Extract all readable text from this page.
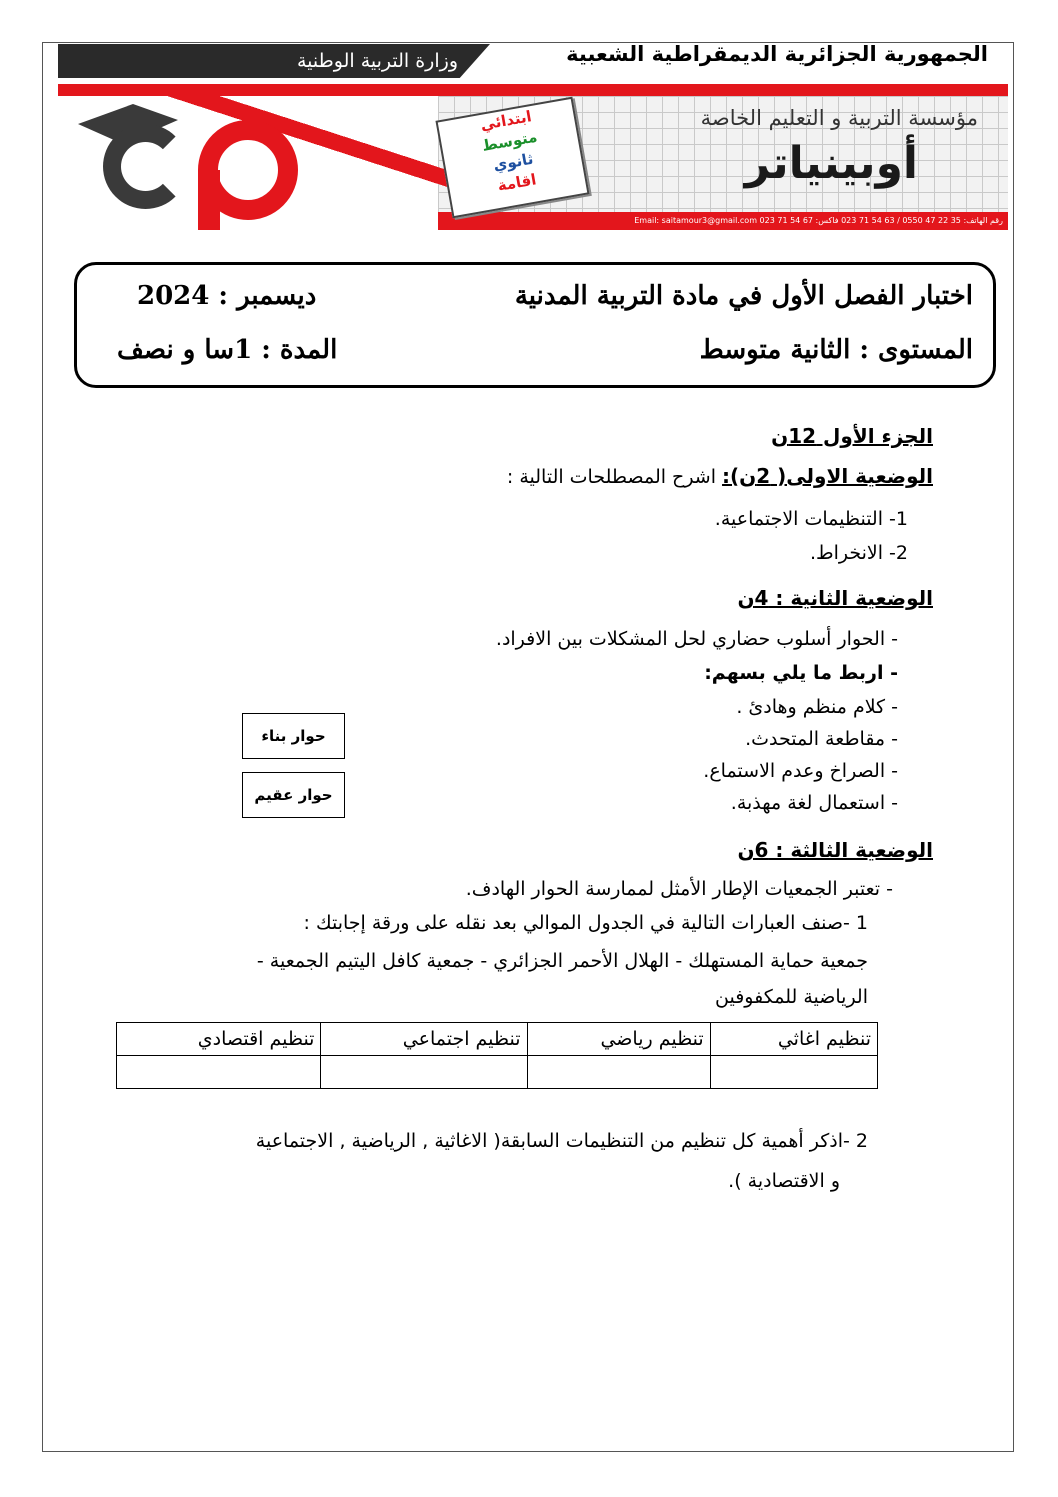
وزارة التربية الوطنية	الجمهورية الجزائرية الديمقراطية الشعبية
رقم الهاتف: 35 22 47 0550 / 63 54 71 023 فاكس: 67 54 71 023 Email: saitamour3@gmail.com
مؤسسة التربية و التعليم الخاصة
أوبينياتر
ابتدائي
متوسط
ثانوي
اقامة
اختبار الفصل الأول في مادة التربية المدنية
ديسمبر : 2024
المستوى : الثانية متوسط
المدة : 1سا و نصف
الجزء الأول 12ن
الوضعية الاولى( 2ن): اشرح المصطلحات التالية :
1- التنظيمات الاجتماعية.
2- الانخراط.
الوضعية الثانية : 4ن
- الحوار أسلوب حضاري لحل المشكلات بين الافراد.
- اربط ما يلي بسهم:
- كلام منظم وهادئ .
- مقاطعة المتحدث.
- الصراخ وعدم الاستماع.
- استعمال لغة مهذبة.
حوار بناء
حوار عقيم
الوضعية الثالثة : 6ن
- تعتبر الجمعيات الإطار الأمثل لممارسة الحوار الهادف.
1 -صنف العبارات التالية في الجدول الموالي بعد نقله على ورقة إجابتك :
جمعية حماية المستهلك - الهلال الأحمر الجزائري - جمعية كافل اليتيم الجمعية -
الرياضية للمكفوفين
تنظيم اغاثي	تنظيم رياضي	تنظيم اجتماعي	تنظيم اقتصادي

2 -اذكر أهمية كل تنظيم من التنظيمات السابقة( الاغاثية , الرياضية , الاجتماعية
و الاقتصادية ).
